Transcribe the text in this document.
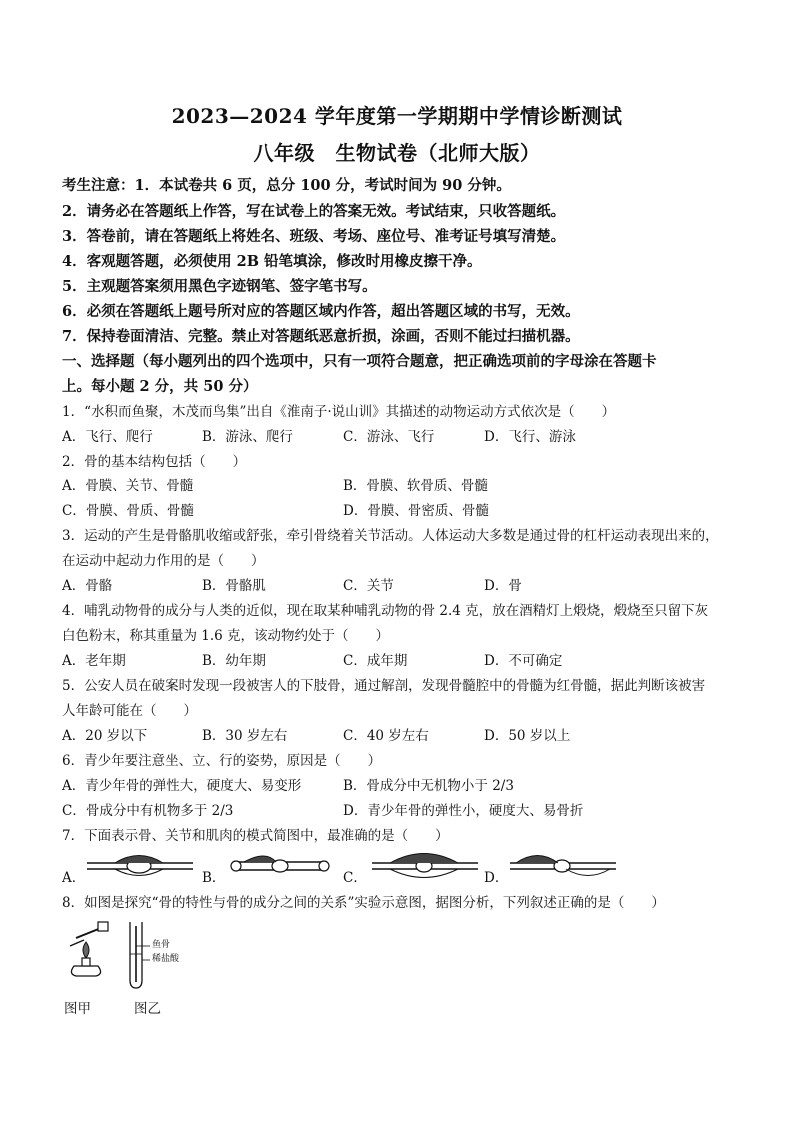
2023—2024 学年度第一学期期中学情诊断测试
八年级　生物试卷（北师大版）
考生注意：1．本试卷共 6 页，总分 100 分，考试时间为 90 分钟。
2．请务必在答题纸上作答，写在试卷上的答案无效。考试结束，只收答题纸。
3．答卷前，请在答题纸上将姓名、班级、考场、座位号、准考证号填写清楚。
4．客观题答题，必须使用 2B 铅笔填涂，修改时用橡皮擦干净。
5．主观题答案须用黑色字迹钢笔、签字笔书写。
6．必须在答题纸上题号所对应的答题区域内作答，超出答题区域的书写，无效。
7．保持卷面清洁、完整。禁止对答题纸恶意折损，涂画，否则不能过扫描机器。
一、选择题（每小题列出的四个选项中，只有一项符合题意，把正确选项前的字母涂在答题卡
上。每小题 2 分，共 50 分）
1．“水积而鱼聚，木茂而鸟集”出自《淮南子·说山训》其描述的动物运动方式依次是（　　）
A．飞行、爬行	B．游泳、爬行	C．游泳、飞行	D．飞行、游泳
2．骨的基本结构包括（　　）
A．骨膜、关节、骨髓	B．骨膜、软骨质、骨髓
C．骨膜、骨质、骨髓	D．骨膜、骨密质、骨髓
3．运动的产生是骨骼肌收缩或舒张，牵引骨绕着关节活动。人体运动大多数是通过骨的杠杆运动表现出来的，
在运动中起动力作用的是（　　）
A．骨骼	B．骨骼肌	C．关节	D．骨
4．哺乳动物骨的成分与人类的近似，现在取某种哺乳动物的骨 2.4 克，放在酒精灯上煅烧，煅烧至只留下灰
白色粉末，称其重量为 1.6 克，该动物约处于（　　）
A．老年期	B．幼年期	C．成年期	D．不可确定
5．公安人员在破案时发现一段被害人的下肢骨，通过解剖，发现骨髓腔中的骨髓为红骨髓，据此判断该被害
人年龄可能在（　　）
A．20 岁以下	B．30 岁左右	C．40 岁左右	D．50 岁以上
6．青少年要注意坐、立、行的姿势，原因是（　　）
A．青少年骨的弹性大，硬度大、易变形	B．骨成分中无机物小于 2/3
C．骨成分中有机物多于 2/3	D．青少年骨的弹性小，硬度大、易骨折
7．下面表示骨、关节和肌肉的模式简图中，最准确的是（　　）
A．	B．	C．	D．
8．如图是探究“骨的特性与骨的成分之间的关系”实验示意图，据图分析，下列叙述正确的是（　　）
鱼骨
稀盐酸
图甲	图乙
